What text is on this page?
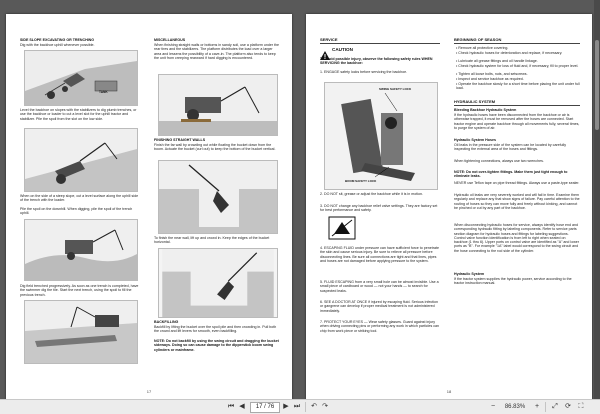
SIDE SLOPE EXCAVATING OR TRENCHING
Dig with the backhoe uphill whenever possible.
TANK
Level the backhoe on slopes with the stabilizers to dig plumb trenches, or use the backhoe or loader to cut a level slot for the uphill tractor and stabilizer. Pile the spoil from the slot on the low side.
When on the side of a steep slope, cut a level surface along the uphill side of the trench with the loader.
Pile the spoil on the downhill. When digging, pile the spoil of the trench uphill.
Dig field trenched progressively. As soon as one trench is completed, have the swimmer dig the tile. Start the next trench, using the spoil to fill the previous trench.
MISCELLANEOUS
When finishing straight walls or bottoms in sandy soil, use a platform under the rear tires and the stabilizers. The platform distributes the load over a larger area and lessens the possibility of a cave-in. The platform also tends to keep the unit from creeping rearward if hard digging is encountered.
FINISHING STRAIGHT WALLS
Finish the far wall by crowding out while floating the bucket down from the boom. Actuate the bucket (curl out) to keep the bottom of the bucket vertical.
To finish the near wall, lift up and crowd in. Keep the edges of the bucket horizontal.
BACKFILLING
Backfill by lifting the bucket over the spoil pile and then crowding in. Pull both the crowd and lift levers for smooth, even backfilling.
NOTE: Do not backfill by using the swing circuit and dragging the bucket sideways. Doing so can cause damage to the dipperstick boom swing cylinders or mainframe.
17
SERVICE
CAUTION
To avoid possible injury, observe the following safety rules WHEN SERVICING the backhoe:
1. ENGAGE safety locks before servicing the backhoe.
SWING SAFETY LOCK
BOOM SAFETY LOCK
2. DO NOT sit, grease or adjust the backhoe while it is in motion.
3. DO NOT change any backhoe relief valve settings. They are factory set for best performance and safety.
4. ESCAPING FLUID under pressure can have sufficient force to penetrate the skin and cause serious injury. Be sure to relieve all pressure before disconnecting lines. Be sure all connections are tight and that lines, pipes and hoses are not damaged before applying pressure to the system.
5. FLUID ESCAPING from a very small hole can be almost invisible. Use a small piece of cardboard or wood — not your hands — to search for suspected leaks.
6. SEE A DOCTOR AT ONCE if injured by escaping fluid. Serious infection or gangrene can develop if proper medical treatment is not administered immediately.
7. PROTECT YOUR EYES — Wear safety glasses. Guard against injury when driving connecting pins or performing any work in which particles can chip from work piece or striking tool.
BEGINNING OF SEASON
• Remove all protective covering.
• Check hydraulic hoses for deterioration and replace, if necessary.
• Lubricate all grease fittings and oil handle linkage.
• Check hydraulic system for loss of fluid and, if necessary, fill to proper level.
• Tighten all loose bolts, nuts, and setscrews.
• Inspect and service backhoe as required.
• Operate the backhoe slowly for a short time before placing the unit under full load.
HYDRAULIC SYSTEM
Bleeding Backhoe Hydraulic System
If the hydraulic hoses have been disconnected from the backhoe or air is otherwise trapped, it must be removed after the hoses are connected. Start tractor engine and operate backhoe through all movements fully, several times, to purge the system of air.
Hydraulic System Hoses
Oil leaks in the pressure side of the system can be located by carefully inspecting the external area of the hoses and fittings.
When tightening connections, always use two wrenches.
NOTE: Do not over-tighten fittings. Make them just tight enough to eliminate leaks.
NEVER use Teflon tape on pipe thread fittings. Always use a paste-type sealer.
Hydraulic oil leaks are very severely worked and will fail in time. Examine them regularly and replace any that show signs of failure. Pay careful attention to the routing of hoses so they can move fully and freely without kinking, and cannot be pinched or cut by any part of the backhoe.
When disconnecting hydraulic hoses for service, always identify hose end and corresponding hydraulic fitting by labeling components. Refer to service parts section diagram for hydraulic hoses and fittings for labeling suggestions. Control valve function identification is from left to right when seated on backhoe (1 thru 6). Upper ports on control valve are identified as "A" and lower ports as "B". For example "1A" label would correspond to the swing circuit and the hose connecting to the rod side of the cylinder.
Hydraulic System
If the tractor system supplies the hydraulic power, service according to the tractor instruction manual.
18
⏮ ◀	17 / 76	▶ ⏭ ↶ ↷	−	86.83%	+	⤢	⟳	⛶
